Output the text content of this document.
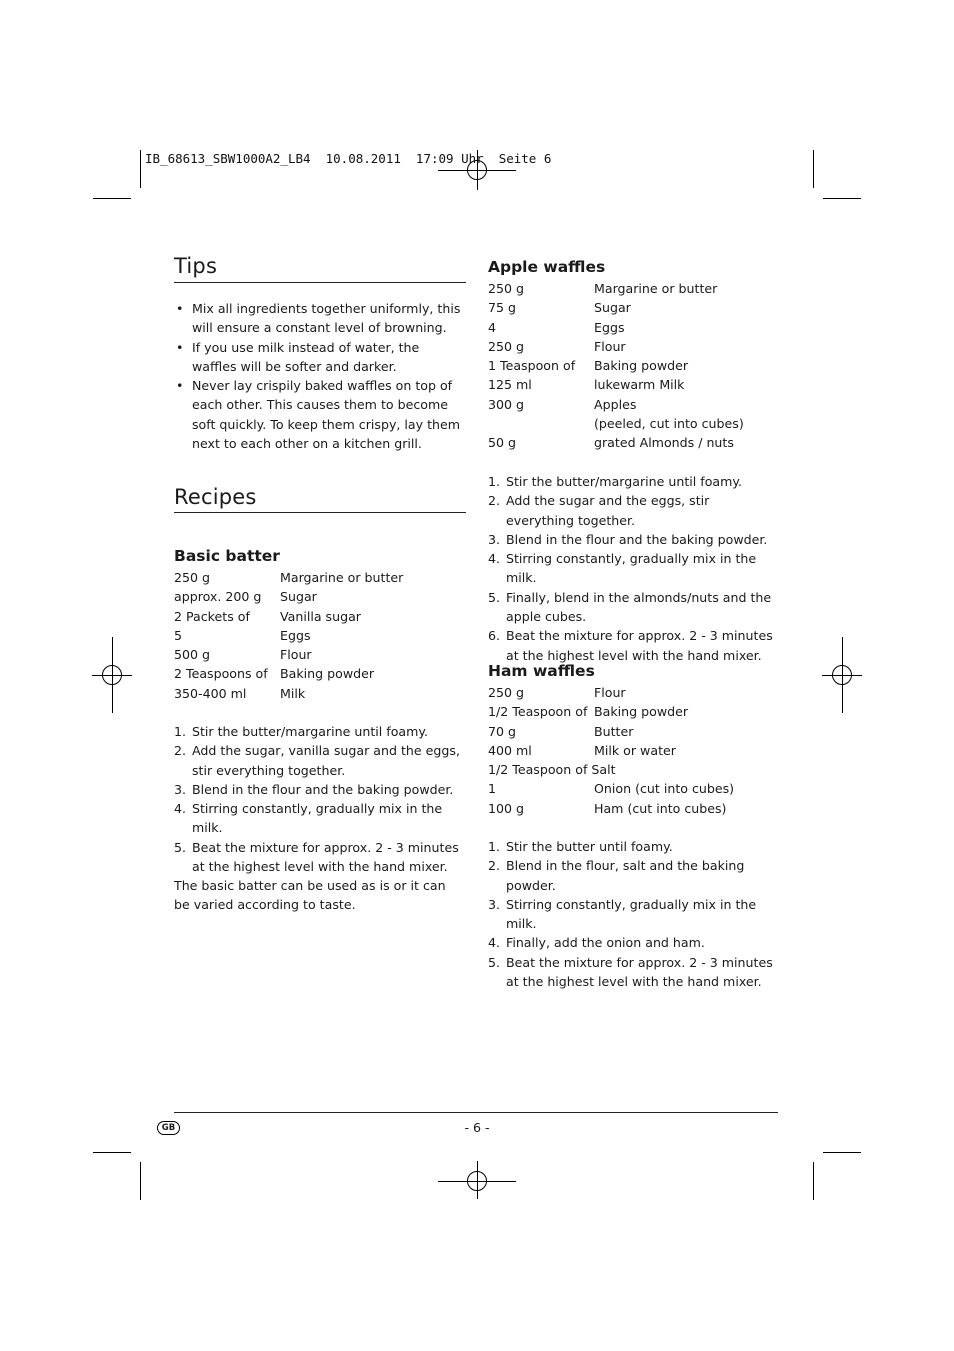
IB_68613_SBW1000A2_LB4  10.08.2011  17:09 Uhr  Seite 6
Tips
• Mix all ingredients together uniformly, this will ensure a constant level of browning.
• If you use milk instead of water, the waffles will be softer and darker.
• Never lay crispily baked waffles on top of each other. This causes them to become soft quickly. To keep them crispy, lay them next to each other on a kitchen grill.
Recipes
Basic batter
250 g	Margarine or butter
approx. 200 g	Sugar
2 Packets of	Vanilla sugar
5	Eggs
500 g	Flour
2 Teaspoons of Baking powder
350-400 ml	Milk
1. Stir the butter/margarine until foamy.
2. Add the sugar, vanilla sugar and the eggs, stir everything together.
3. Blend in the flour and the baking powder.
4. Stirring constantly, gradually mix in the milk.
5. Beat the mixture for approx. 2 - 3 minutes at the highest level with the hand mixer.
The basic batter can be used as is or it can be varied according to taste.
Apple waffles
250 g	Margarine or butter
75 g	Sugar
4	Eggs
250 g	Flour
1 Teaspoon of	Baking powder
125 ml	lukewarm Milk
300 g	Apples
(peeled, cut into cubes)
50 g	grated Almonds / nuts
1. Stir the butter/margarine until foamy.
2. Add the sugar and the eggs, stir everything together.
3. Blend in the flour and the baking powder.
4. Stirring constantly, gradually mix in the milk.
5. Finally, blend in the almonds/nuts and the apple cubes.
6. Beat the mixture for approx. 2 - 3 minutes at the highest level with the hand mixer.
Ham waffles
250 g	Flour
1/2 Teaspoon of Baking powder
70 g	Butter
400 ml	Milk or water
1/2 Teaspoon of Salt
1	Onion (cut into cubes)
100 g	Ham (cut into cubes)
1. Stir the butter until foamy.
2. Blend in the flour, salt and the baking powder.
3. Stirring constantly, gradually mix in the milk.
4. Finally, add the onion and ham.
5. Beat the mixture for approx. 2 - 3 minutes at the highest level with the hand mixer.
GB	- 6 -
